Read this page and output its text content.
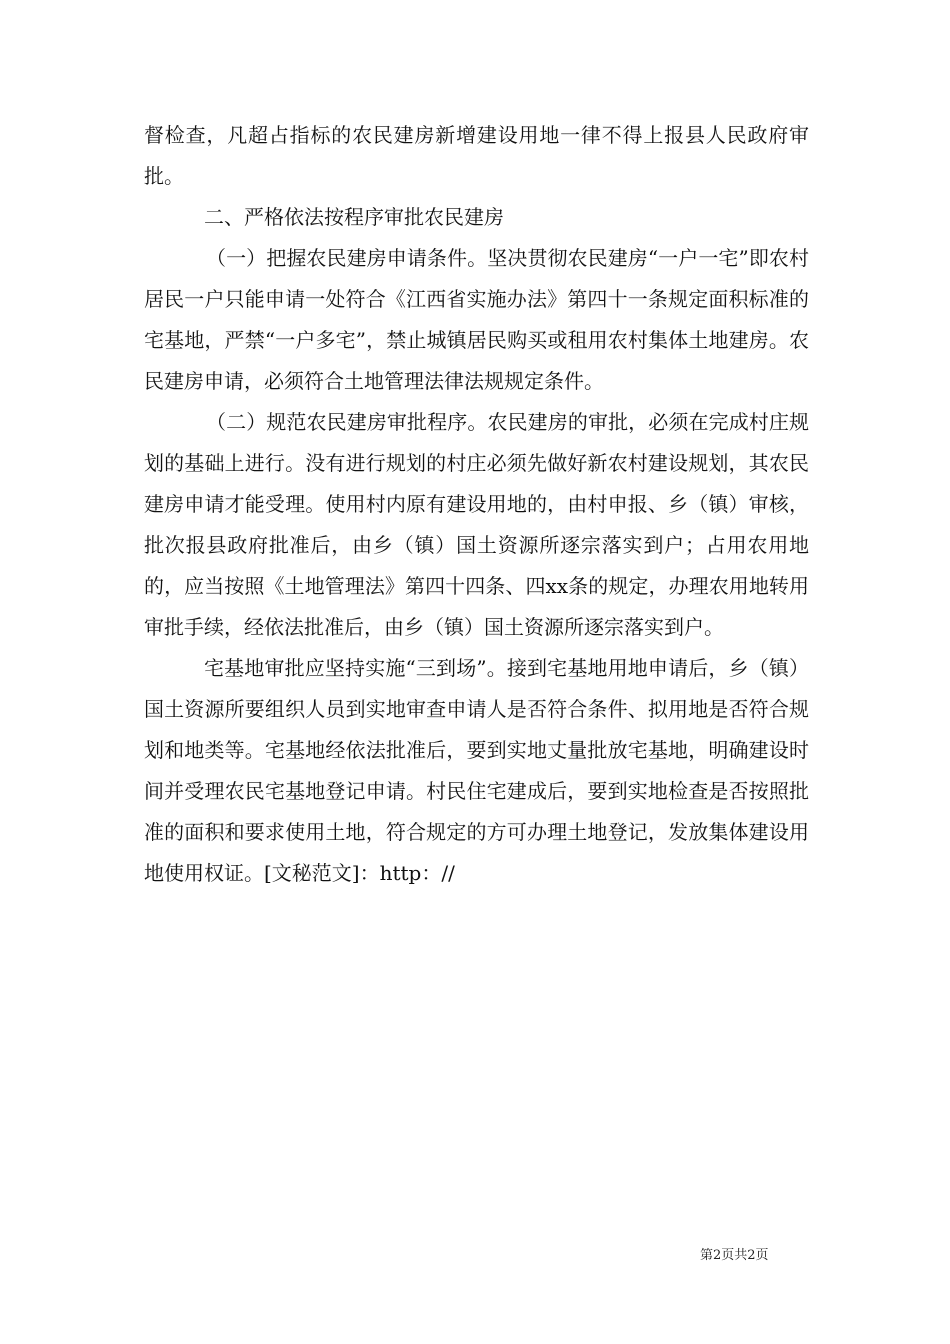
督检查，凡超占指标的农民建房新增建设用地一律不得上报县人民政府审批。

二、严格依法按程序审批农民建房

（一）把握农民建房申请条件。坚决贯彻农民建房“一户一宅”即农村居民一户只能申请一处符合《江西省实施办法》第四十一条规定面积标准的宅基地，严禁“一户多宅”，禁止城镇居民购买或租用农村集体土地建房。农民建房申请，必须符合土地管理法律法规规定条件。

（二）规范农民建房审批程序。农民建房的审批，必须在完成村庄规划的基础上进行。没有进行规划的村庄必须先做好新农村建设规划，其农民建房申请才能受理。使用村内原有建设用地的，由村申报、乡（镇）审核，批次报县政府批准后，由乡（镇）国土资源所逐宗落实到户；占用农用地的，应当按照《土地管理法》第四十四条、四xx条的规定，办理农用地转用审批手续，经依法批准后，由乡（镇）国土资源所逐宗落实到户。

宅基地审批应坚持实施“三到场”。接到宅基地用地申请后，乡（镇）国土资源所要组织人员到实地审查申请人是否符合条件、拟用地是否符合规划和地类等。宅基地经依法批准后，要到实地丈量批放宅基地，明确建设时间并受理农民宅基地登记申请。村民住宅建成后，要到实地检查是否按照批准的面积和要求使用土地，符合规定的方可办理土地登记，发放集体建设用地使用权证。[文秘范文]：http：//

第2页共2页
